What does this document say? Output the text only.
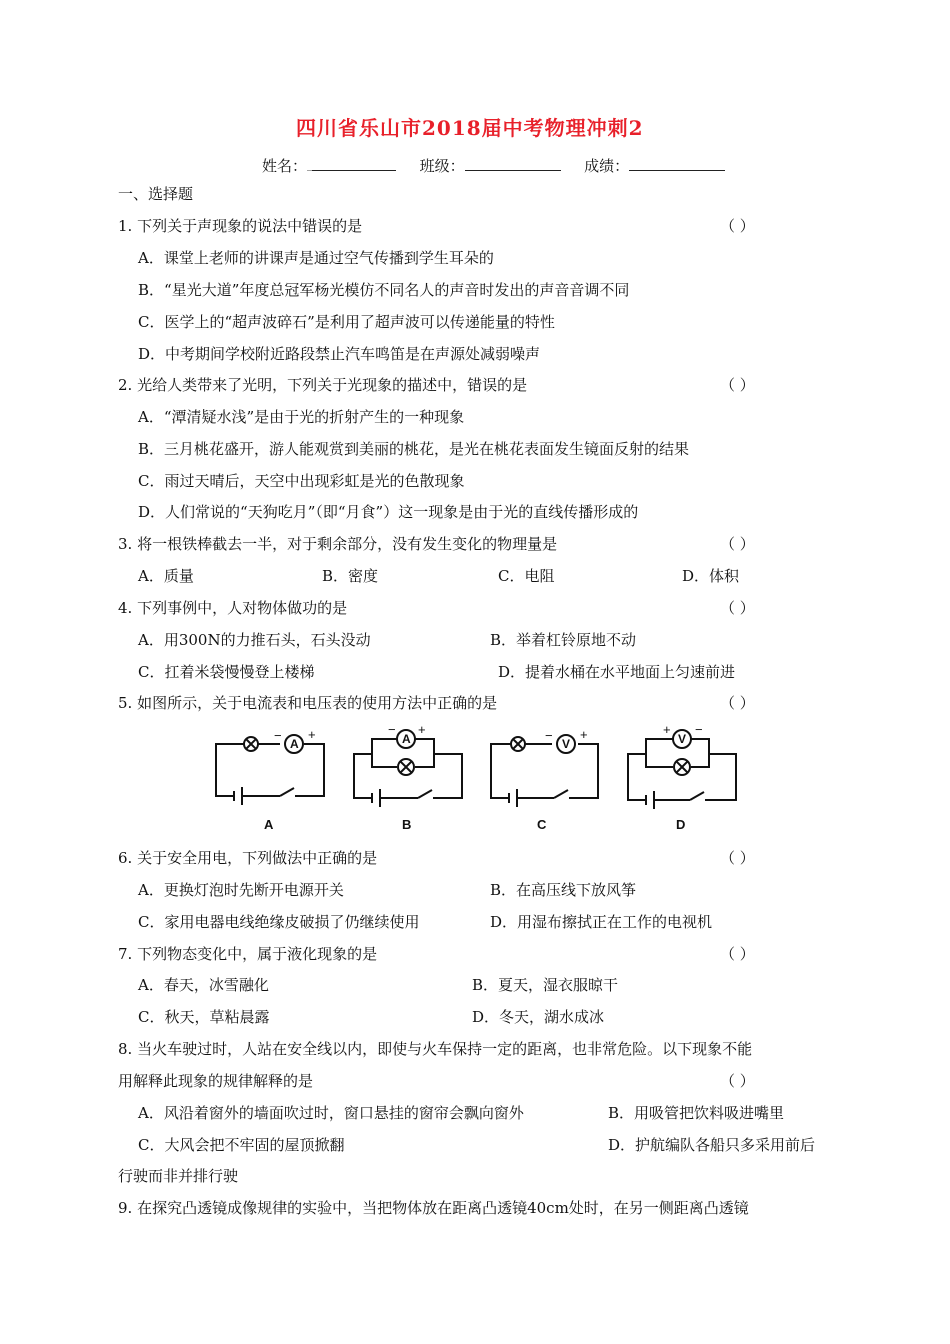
四川省乐山市2018届中考物理冲刺2
姓名：_	班级：	成绩：
一、选择题
1. 下列关于声现象的说法中错误的是	（ ）
A．课堂上老师的讲课声是通过空气传播到学生耳朵的
B．“星光大道”年度总冠军杨光模仿不同名人的声音时发出的声音音调不同
C．医学上的“超声波碎石”是利用了超声波可以传递能量的特性
D．中考期间学校附近路段禁止汽车鸣笛是在声源处减弱噪声
2. 光给人类带来了光明，下列关于光现象的描述中，错误的是	（ ）
A．“潭清疑水浅”是由于光的折射产生的一种现象
B．三月桃花盛开，游人能观赏到美丽的桃花，是光在桃花表面发生镜面反射的结果
C．雨过天晴后，天空中出现彩虹是光的色散现象
D．人们常说的“天狗吃月”（即“月食”）这一现象是由于光的直线传播形成的
3. 将一根铁棒截去一半，对于剩余部分，没有发生变化的物理量是	（ ）
A．质量	B．密度	C．电阻	D．体积
4. 下列事例中，人对物体做功的是	（ ）
A．用300N的力推石头，石头没动	B．举着杠铃原地不动
C．扛着米袋慢慢登上楼梯	D．提着水桶在水平地面上匀速前进
5. 如图所示，关于电流表和电压表的使用方法中正确的是	（ ）
A	A	V	V
− +	− +	− +	+ −
A	B	C	D
6. 关于安全用电，下列做法中正确的是	（ ）
A．更换灯泡时先断开电源开关	B．在高压线下放风筝
C．家用电器电线绝缘皮破损了仍继续使用	D．用湿布擦拭正在工作的电视机
7. 下列物态变化中，属于液化现象的是	（ ）
A．春天，冰雪融化	B．夏天，湿衣服晾干
C．秋天，草粘晨露	D．冬天，湖水成冰
8. 当火车驶过时，人站在安全线以内，即使与火车保持一定的距离，也非常危险。以下现象不能
用解释此现象的规律解释的是	（ ）
A．风沿着窗外的墙面吹过时，窗口悬挂的窗帘会飘向窗外	B．用吸管把饮料吸进嘴里
C．大风会把不牢固的屋顶掀翻	D．护航编队各船只多采用前后
行驶而非并排行驶
9. 在探究凸透镜成像规律的实验中，当把物体放在距离凸透镜40cm处时，在另一侧距离凸透镜
